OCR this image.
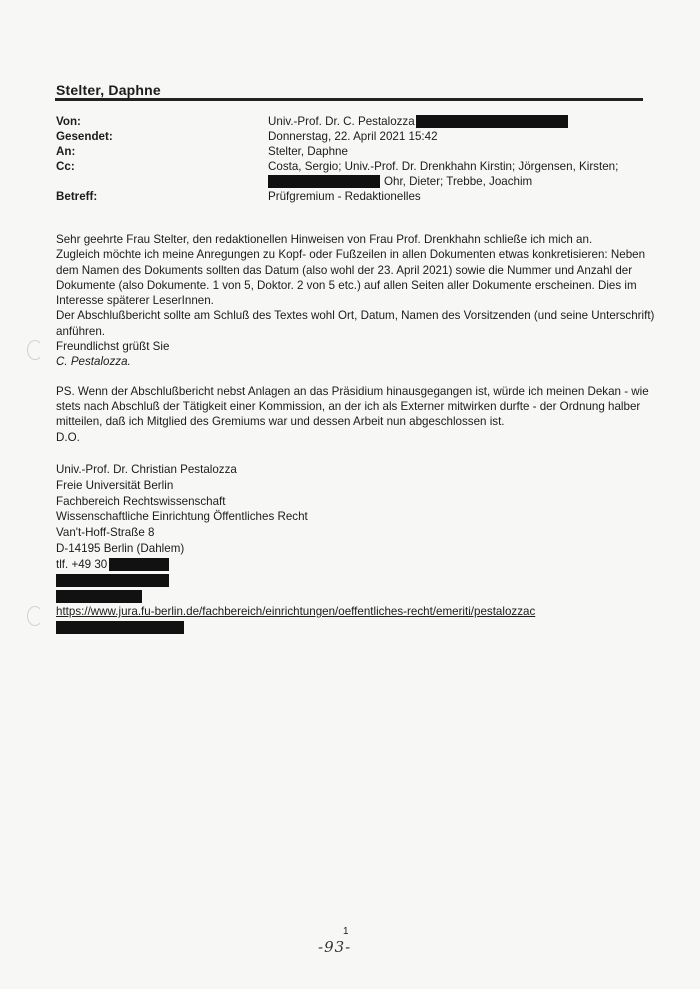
Stelter, Daphne
Von:	Univ.-Prof. Dr. C. Pestalozza
Gesendet:	Donnerstag, 22. April 2021 15:42
An:	Stelter, Daphne
Cc:	Costa, Sergio; Univ.-Prof. Dr. Drenkhahn Kirstin; Jörgensen, Kirsten;
Ohr, Dieter; Trebbe, Joachim
Betreff:	Prüfgremium - Redaktionelles

Sehr geehrte Frau Stelter, den redaktionellen Hinweisen von Frau Prof. Drenkhahn schließe ich mich an.

Zugleich möchte ich meine Anregungen zu Kopf- oder Fußzeilen in allen Dokumenten etwas konkretisieren: Neben

dem Namen des Dokuments sollten das Datum (also wohl der 23. April 2021) sowie die Nummer und Anzahl der

Dokumente (also Dokumente. 1 von 5, Doktor. 2 von 5 etc.) auf allen Seiten aller Dokumente erscheinen. Dies im

Interesse späterer LeserInnen.

Der Abschlußbericht sollte am Schluß des Textes wohl Ort, Datum, Namen des Vorsitzenden (und seine Unterschrift)

anführen.

Freundlichst grüßt Sie

C. Pestalozza.

PS. Wenn der Abschlußbericht nebst Anlagen an das Präsidium hinausgegangen ist, würde ich meinen Dekan - wie

stets nach Abschluß der Tätigkeit einer Kommission, an der ich als Externer mitwirken durfte - der Ordnung halber

mitteilen, daß ich Mitglied des Gremiums war und dessen Arbeit nun abgeschlossen ist.

D.O.

Univ.-Prof. Dr. Christian Pestalozza
Freie Universität Berlin
Fachbereich Rechtswissenschaft
Wissenschaftliche Einrichtung Öffentliches Recht
Van't-Hoff-Straße 8
D-14195 Berlin (Dahlem)
tlf. +49 30
https://www.jura.fu-berlin.de/fachbereich/einrichtungen/oeffentliches-recht/emeriti/pestalozzac
1
-93-
